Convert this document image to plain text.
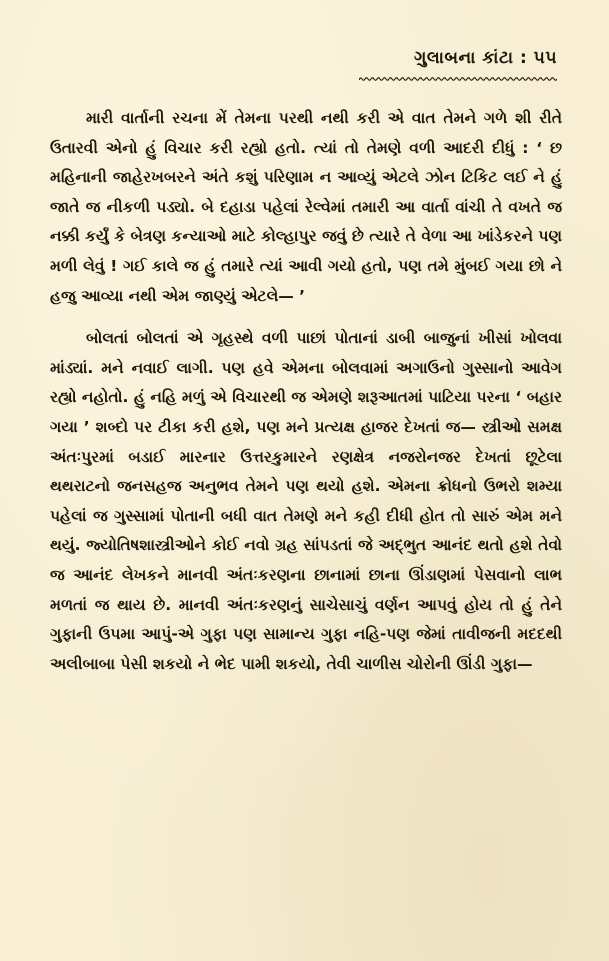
ગુલાબના કાંટા : ૫૫

મારી વાર્તાની રચના મેં તેમના પરથી નથી કરી એ વાત તેમને ગળે શી રીતે ઉતારવી એનો હું વિચાર કરી રહ્યો હતો. ત્યાં તો તેમણે વળી આદરી દીધું : ‘ છ મહિનાની જાહેરખબરને અંતે કશું પરિણામ ન આવ્યું એટલે ઝોન ટિકિટ લઈ ને હું જાતે જ નીકળી પડ્યો. બે દહાડા પહેલાં રેલ્વેમાં તમારી આ વાર્તા વાંચી તે વખતે જ નક્કી કર્યું કે બેત્રણ કન્યાઓ માટે કોલ્હાપુર જવું છે ત્યારે તે વેળા આ ખાંડેકરને પણ મળી લેવું ! ગઈ કાલે જ હું તમારે ત્યાં આવી ગયો હતો, પણ તમે મુંબઈ ગયા છો ને હજુ આવ્યા નથી એમ જાણ્યું એટલે— ’

બોલતાં બોલતાં એ ગૃહસ્થે વળી પાછાં પોતાનાં ડાબી બાજુનાં ખીસાં ખોલવા માંડ્યાં. મને નવાઈ લાગી. પણ હવે એમના બોલવામાં અગાઉનો ગુસ્સાનો આવેગ રહ્યો નહોતો. હું નહિ મળું એ વિચારથી જ એમણે શરૂઆતમાં પાટિયા પરના ‘ બહાર ગયા ’ શબ્દો પર ટીકા કરી હશે, પણ મને પ્રત્યક્ષ હાજર દેખતાં જ— સ્ત્રીઓ સમક્ષ અંતઃપુરમાં બડાઈ મારનાર ઉત્તરકુમારને રણક્ષેત્ર નજરોનજર દેખતાં છૂટેલા થથરાટનો જનસહજ અનુભવ તેમને પણ થયો હશે. એમના ક્રોધનો ઉભરો શમ્યા પહેલાં જ ગુસ્સામાં પોતાની બધી વાત તેમણે મને કહી દીધી હોત તો સારું એમ મને થયું. જ્યોતિષશાસ્ત્રીઓને કોઈ નવો ગ્રહ સાંપડતાં જે અદ્ભુત આનંદ થતો હશે તેવો જ આનંદ લેખકને માનવી અંતઃકરણના છાનામાં છાના ઊંડાણમાં પેસવાનો લાભ મળતાં જ થાય છે. માનવી અંતઃકરણનું સાચેસાચું વર્ણન આપવું હોય તો હું તેને ગુફાની ઉપમા આપું-એ ગુફા પણ સામાન્ય ગુફા નહિ-પણ જેમાં તાવીજની મદદથી અલીબાબા પેસી શકયો ને ભેદ પામી શકયો, તેવી ચાળીસ ચોરોની ઊંડી ગુફા—
